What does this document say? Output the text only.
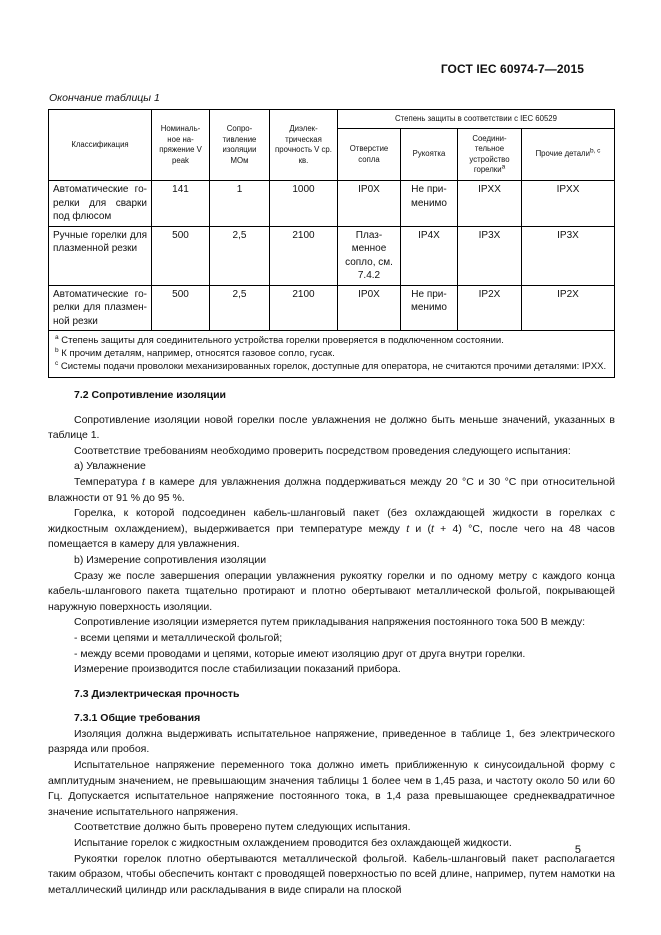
ГОСТ IEC 60974-7—2015
Окончание таблицы 1
Классификация	Номиналь-ное на-пряжение V peak	Сопро-тивление изоляции МОм	Диэлек-трическая прочность V ср. кв.	Степень защиты в соответствии с IEC 60529			
				Отверстие сопла	Рукоятка	Соедини-тельное устройство горелки$^a$	Прочие детали$^{b, c}$
Автоматические го-релки для сварки под флюсом	141	1	1000	IP0X	Не при-менимо	IPXX	IPXX
Ручные горелки для плазменной резки	500	2,5	2100	Плаз-менное сопло, см. 7.4.2	IP4X	IP3X	IP3X
Автоматические го-релки для плазмен-ной резки	500	2,5	2100	IP0X	Не при-менимо	IP2X	IP2X

$^a$ Степень защиты для соединительного устройства горелки проверяется в подключенном состоянии.
$^b$ К прочим деталям, например, относятся газовое сопло, гусак.
$^c$ Системы подачи проволоки механизированных горелок, доступные для оператора, не считаются прочими деталями: IPXX.							
7.2 Сопротивление изоляции

Сопротивление изоляции новой горелки после увлажнения не должно быть меньше значений, указанных в таблице 1.

Соответствие требованиям необходимо проверить посредством проведения следующего испытания:

а) Увлажнение

Температура t в камере для увлажнения должна поддерживаться между 20 °С и 30 °С при относительной влажности от 91 % до 95 %.

Горелка, к которой подсоединен кабель-шланговый пакет (без охлаждающей жидкости в горелках с жидкостным охлаждением), выдерживается при температуре между t и (t + 4) °С, после чего на 48 часов помещается в камеру для увлажнения.

b) Измерение сопротивления изоляции

Сразу же после завершения операции увлажнения рукоятку горелки и по одному метру с каждого конца кабель-шлангового пакета тщательно протирают и плотно обертывают металлической фольгой, покрывающей наружную поверхность изоляции.

Сопротивление изоляции измеряется путем прикладывания напряжения постоянного тока 500 В между:

- всеми цепями и металлической фольгой;

- между всеми проводами и цепями, которые имеют изоляцию друг от друга внутри горелки.

Измерение производится после стабилизации показаний прибора.

7.3 Диэлектрическая прочность
7.3.1 Общие требования

Изоляция должна выдерживать испытательное напряжение, приведенное в таблице 1, без электрического разряда или пробоя.

Испытательное напряжение переменного тока должно иметь приближенную к синусоидальной форму с амплитудным значением, не превышающим значения таблицы 1 более чем в 1,45 раза, и частоту около 50 или 60 Гц. Допускается испытательное напряжение постоянного тока, в 1,4 раза превышающее среднеквадратичное значение испытательного напряжения.

Соответствие должно быть проверено путем следующих испытания.

Испытание горелок с жидкостным охлаждением проводится без охлаждающей жидкости.

Рукоятки горелок плотно обертываются металлической фольгой. Кабель-шланговый пакет располагается таким образом, чтобы обеспечить контакт с проводящей поверхностью по всей длине, например, путем намотки на металлический цилиндр или раскладывания в виде спирали на плоской

5
